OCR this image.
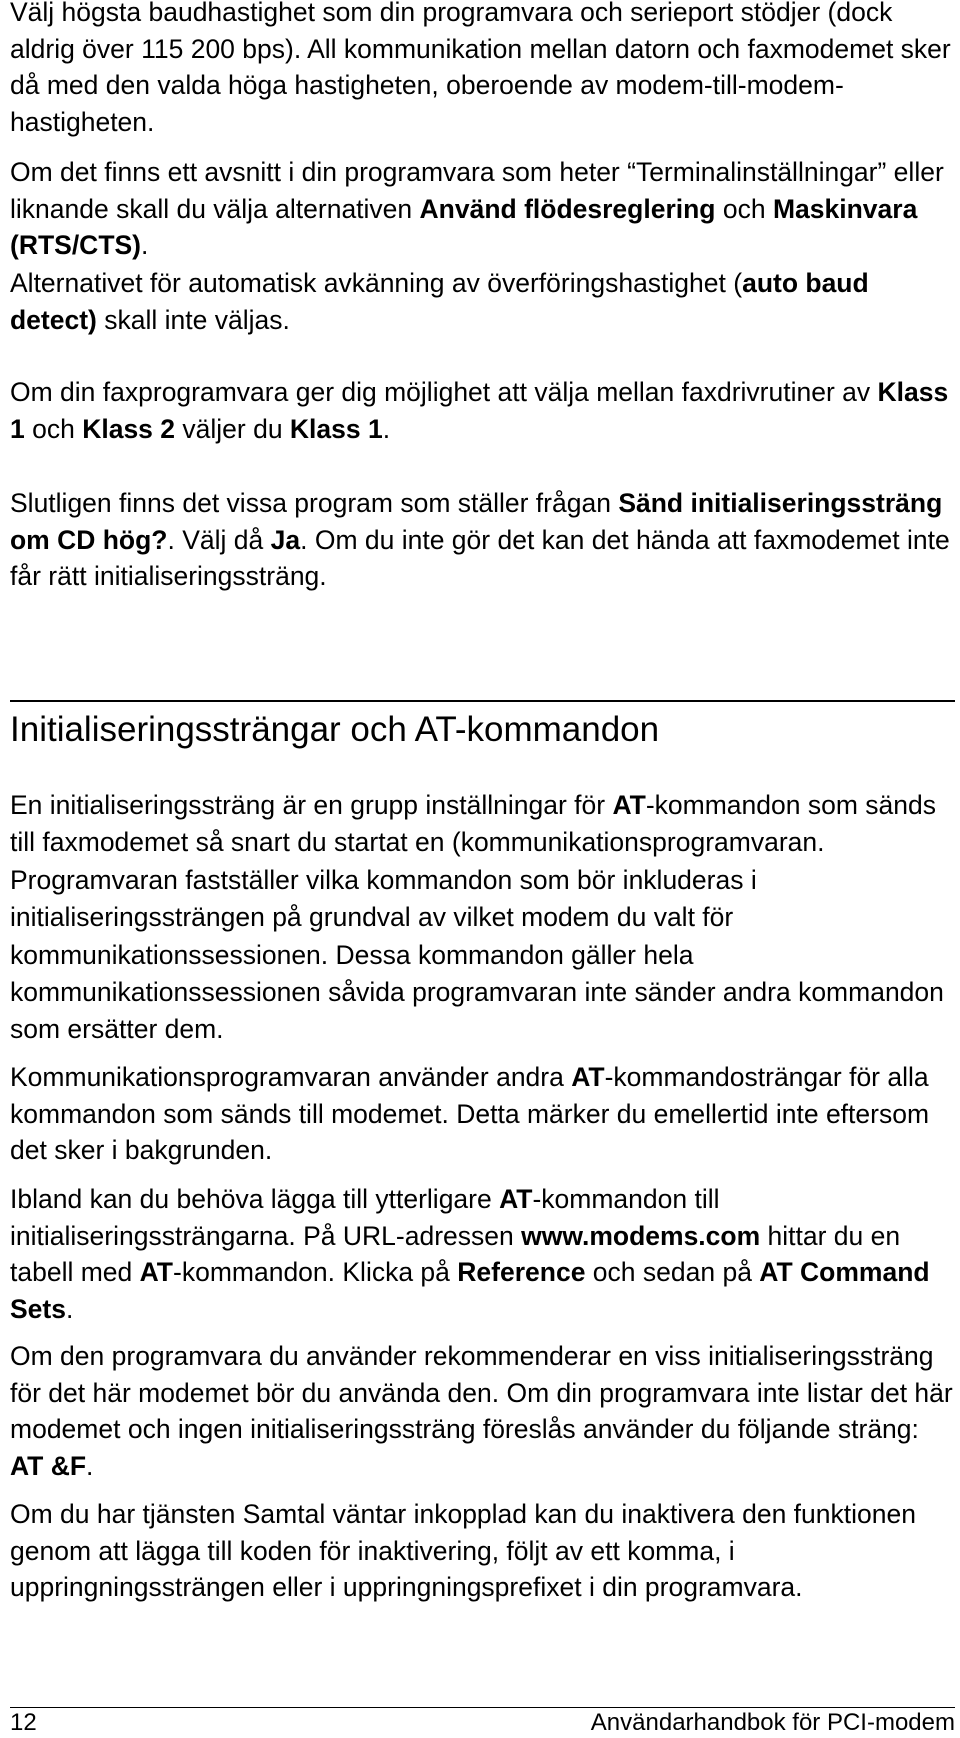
Välj högsta baudhastighet som din programvara och serieport stödjer (dock aldrig över 115 200 bps). All kommunikation mellan datorn och faxmodemet sker då med den valda höga hastigheten, oberoende av modem-till-modem-hastigheten.

Om det finns ett avsnitt i din programvara som heter “Terminalinställningar” eller liknande skall du välja alternativen Använd flödesreglering och Maskinvara (RTS/CTS).

Alternativet för automatisk avkänning av överföringshastighet (auto baud detect) skall inte väljas.

Om din faxprogramvara ger dig möjlighet att välja mellan faxdrivrutiner av Klass 1 och Klass 2 väljer du Klass 1.

Slutligen finns det vissa program som ställer frågan Sänd initialiseringssträng om CD hög?. Välj då Ja. Om du inte gör det kan det hända att faxmodemet inte får rätt initialiseringssträng.

Initialiseringssträngar och AT-kommandon

En initialiseringssträng är en grupp inställningar för AT-kommandon som sänds till faxmodemet så snart du startat en (kommunikationsprogramvaran. Programvaran fastställer vilka kommandon som bör inkluderas i initialiseringssträngen på grundval av vilket modem du valt för kommunikationssessionen. Dessa kommandon gäller hela kommunikationssessionen såvida programvaran inte sänder andra kommandon som ersätter dem.

Kommunikationsprogramvaran använder andra AT-kommandosträngar för alla kommandon som sänds till modemet. Detta märker du emellertid inte eftersom det sker i bakgrunden.

Ibland kan du behöva lägga till ytterligare AT-kommandon till initialiseringssträngarna. På URL-adressen www.modems.com hittar du en tabell med AT-kommandon. Klicka på Reference och sedan på AT Command Sets.

Om den programvara du använder rekommenderar en viss initialiseringssträng för det här modemet bör du använda den. Om din programvara inte listar det här modemet och ingen initialiseringssträng föreslås använder du följande sträng: AT &F.

Om du har tjänsten Samtal väntar inkopplad kan du inaktivera den funktionen genom att lägga till koden för inaktivering, följt av ett komma, i uppringningssträngen eller i uppringningsprefixet i din programvara.

12	Användarhandbok för PCI-modem
